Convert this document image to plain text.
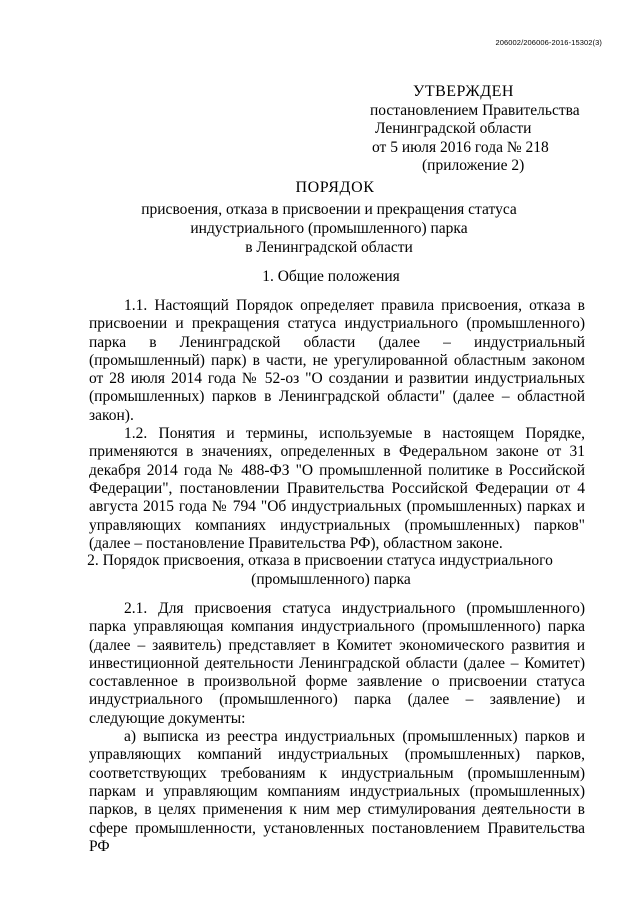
206002/206006-2016-15302(3)
УТВЕРЖДЕН
постановлением Правительства
Ленинградской области
от 5 июля 2016 года № 218
(приложение 2)
ПОРЯДОК
присвоения, отказа в присвоении и прекращения статуса
индустриального (промышленного) парка
в Ленинградской области
1. Общие положения

1.1. Настоящий Порядок определяет правила присвоения, отказа в присвоении и прекращения статуса индустриального (промышленного) парка в Ленинградской области (далее – индустриальный (промышленный) парк) в части, не урегулированной областным законом от 28 июля 2014 года № 52-оз "О создании и развитии индустриальных (промышленных) парков в Ленинградской области" (далее – областной закон).

1.2. Понятия и термины, используемые в настоящем Порядке, применяются в значениях, определенных в Федеральном законе от 31 декабря 2014 года № 488-ФЗ "О промышленной политике в Российской Федерации", постановлении Правительства Российской Федерации от 4 августа 2015 года № 794 "Об индустриальных (промышленных) парках и управляющих компаниях индустриальных (промышленных) парков" (далее – постановление Правительства РФ), областном законе.

2. Порядок присвоения, отказа в присвоении статуса индустриального
(промышленного) парка

2.1. Для присвоения статуса индустриального (промышленного) парка управляющая компания индустриального (промышленного) парка (далее – заявитель) представляет в Комитет экономического развития и инвестиционной деятельности Ленинградской области (далее – Комитет) составленное в произвольной форме заявление о присвоении статуса индустриального (промышленного) парка (далее – заявление) и следующие документы:

а) выписка из реестра индустриальных (промышленных) парков и управляющих компаний индустриальных (промышленных) парков, соответствующих требованиям к индустриальным (промышленным) паркам и управляющим компаниям индустриальных (промышленных) парков, в целях применения к ним мер стимулирования деятельности в сфере промышленности, установленных постановлением Правительства РФ
